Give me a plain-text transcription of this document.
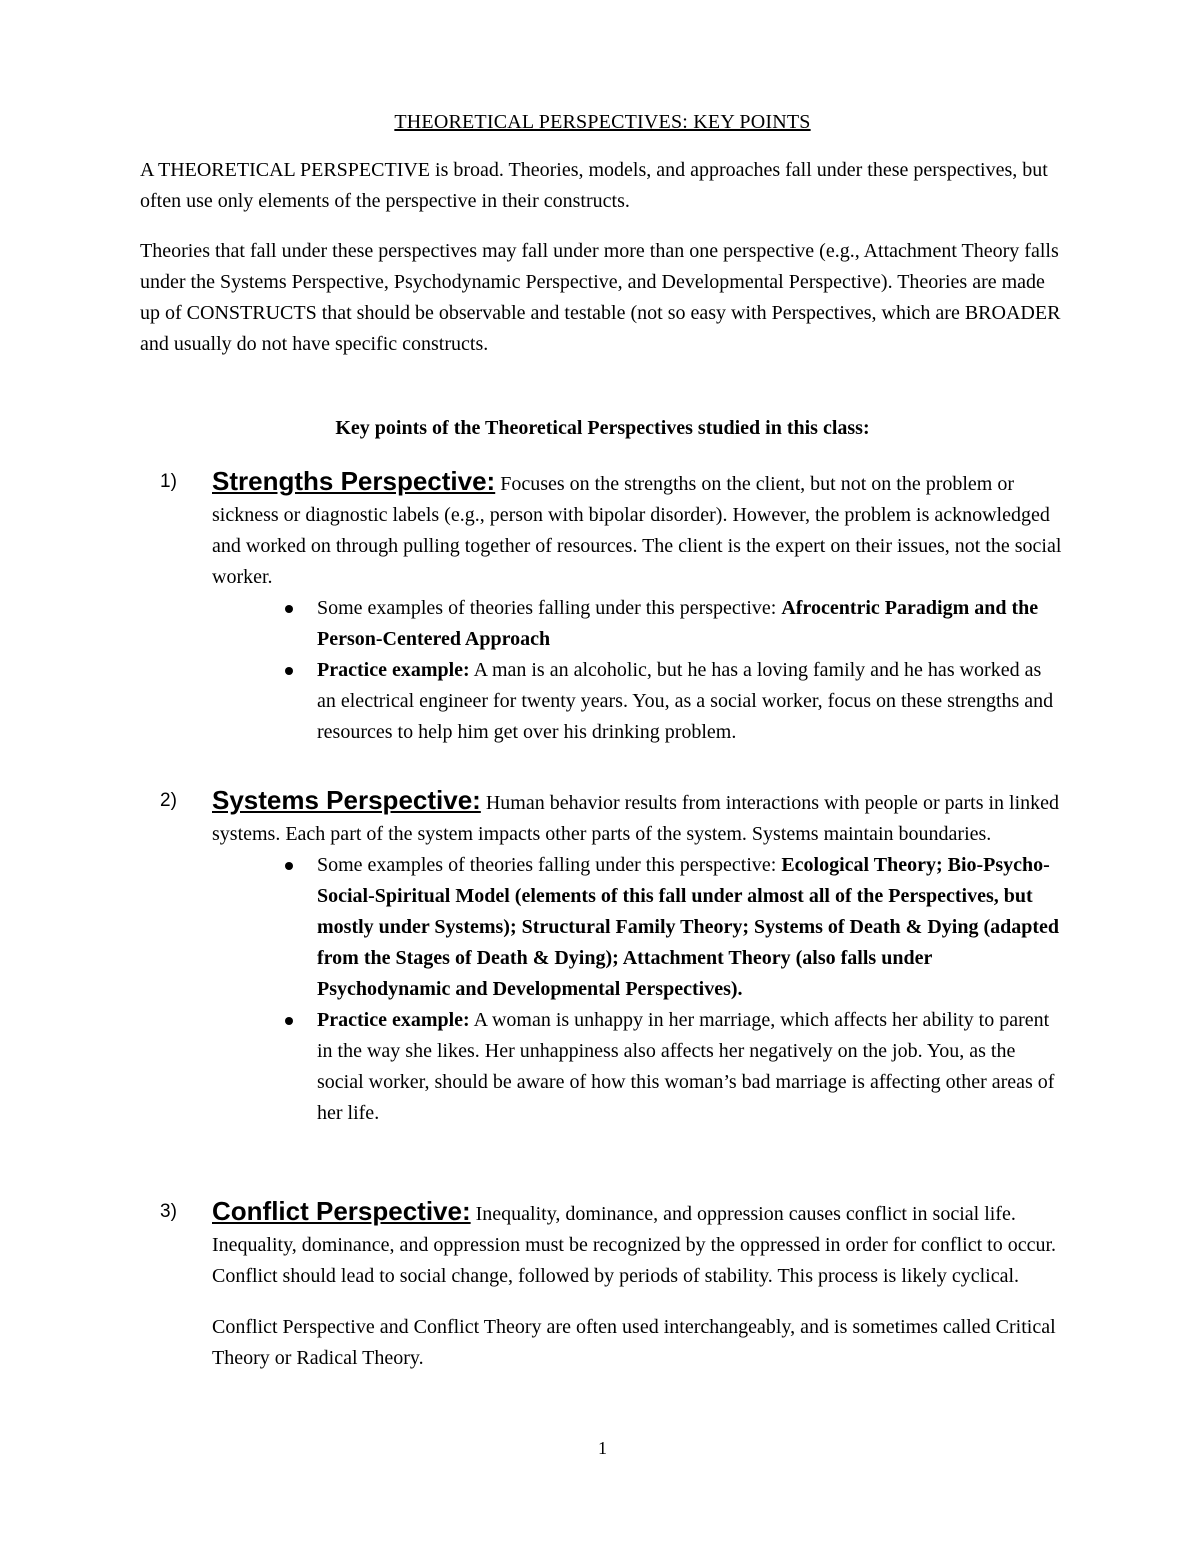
THEORETICAL PERSPECTIVES: KEY POINTS

A THEORETICAL PERSPECTIVE is broad. Theories, models, and approaches fall under these perspectives, but often use only elements of the perspective in their constructs.

Theories that fall under these perspectives may fall under more than one perspective (e.g., Attachment Theory falls under the Systems Perspective, Psychodynamic Perspective, and Developmental Perspective). Theories are made up of CONSTRUCTS that should be observable and testable (not so easy with Perspectives, which are BROADER and usually do not have specific constructs.

Key points of the Theoretical Perspectives studied in this class:
1) Strengths Perspective: Focuses on the strengths on the client, but not on the problem or sickness or diagnostic labels (e.g., person with bipolar disorder). However, the problem is acknowledged and worked on through pulling together of resources. The client is the expert on their issues, not the social worker.
Some examples of theories falling under this perspective: Afrocentric Paradigm and the Person-Centered Approach
Practice example: A man is an alcoholic, but he has a loving family and he has worked as an electrical engineer for twenty years. You, as a social worker, focus on these strengths and resources to help him get over his drinking problem.
2) Systems Perspective: Human behavior results from interactions with people or parts in linked systems. Each part of the system impacts other parts of the system. Systems maintain boundaries.
Some examples of theories falling under this perspective: Ecological Theory; Bio-Psycho-Social-Spiritual Model (elements of this fall under almost all of the Perspectives, but mostly under Systems); Structural Family Theory; Systems of Death & Dying (adapted from the Stages of Death & Dying); Attachment Theory (also falls under Psychodynamic and Developmental Perspectives).
Practice example: A woman is unhappy in her marriage, which affects her ability to parent in the way she likes. Her unhappiness also affects her negatively on the job. You, as the social worker, should be aware of how this woman’s bad marriage is affecting other areas of her life.
3) Conflict Perspective: Inequality, dominance, and oppression causes conflict in social life. Inequality, dominance, and oppression must be recognized by the oppressed in order for conflict to occur. Conflict should lead to social change, followed by periods of stability. This process is likely cyclical.
Conflict Perspective and Conflict Theory are often used interchangeably, and is sometimes called Critical Theory or Radical Theory.
1
